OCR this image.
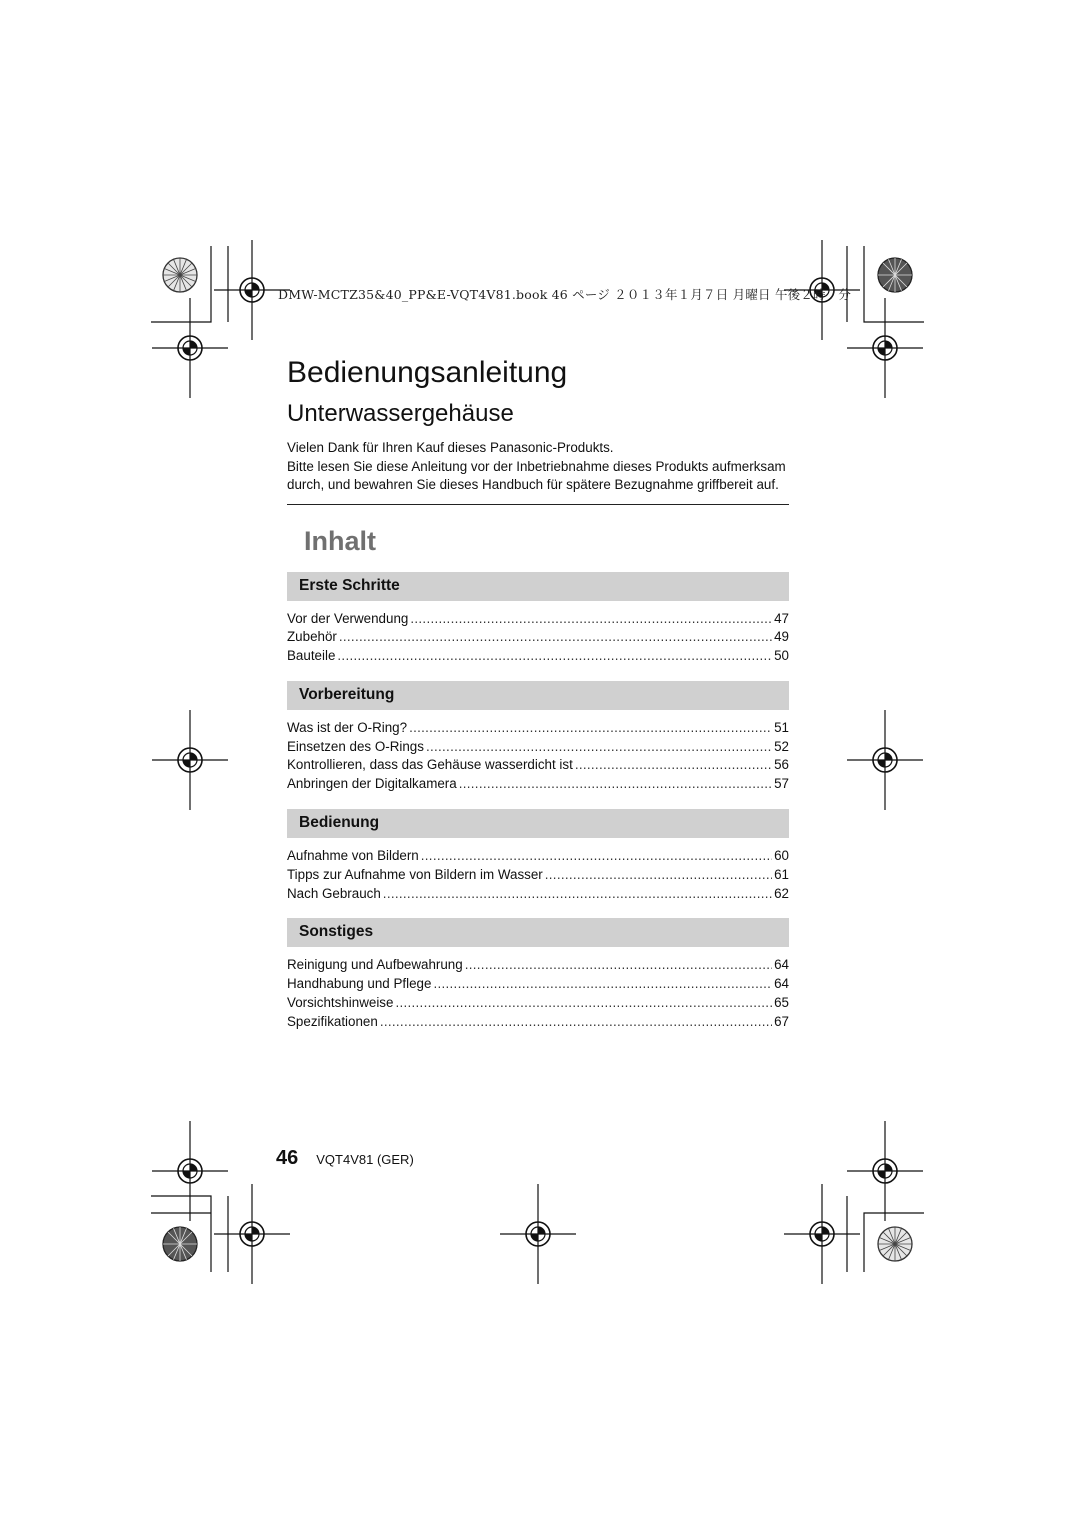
DMW-MCTZ35&40_PP&E-VQT4V81.book 46 ページ ２０１３年１月７日 月曜日 午後２時７分
Bedienungsanleitung
Unterwassergehäuse

Vielen Dank für Ihren Kauf dieses Panasonic-Produkts.

Bitte lesen Sie diese Anleitung vor der Inbetriebnahme dieses Produkts aufmerksam durch, und bewahren Sie dieses Handbuch für spätere Bezugnahme griffbereit auf.

Inhalt
Erste Schritte
Vor der Verwendung .....	47
Zubehör .....	49
Bauteile .....	50
Vorbereitung
Was ist der O-Ring? .....	51
Einsetzen des O-Rings .....	52
Kontrollieren, dass das Gehäuse wasserdicht ist .....	56
Anbringen der Digitalkamera .....	57
Bedienung
Aufnahme von Bildern .....	60
Tipps zur Aufnahme von Bildern im Wasser .....	61
Nach Gebrauch .....	62
Sonstiges
Reinigung und Aufbewahrung .....	64
Handhabung und Pflege .....	64
Vorsichtshinweise .....	65
Spezifikationen .....	67
46 VQT4V81 (GER)
